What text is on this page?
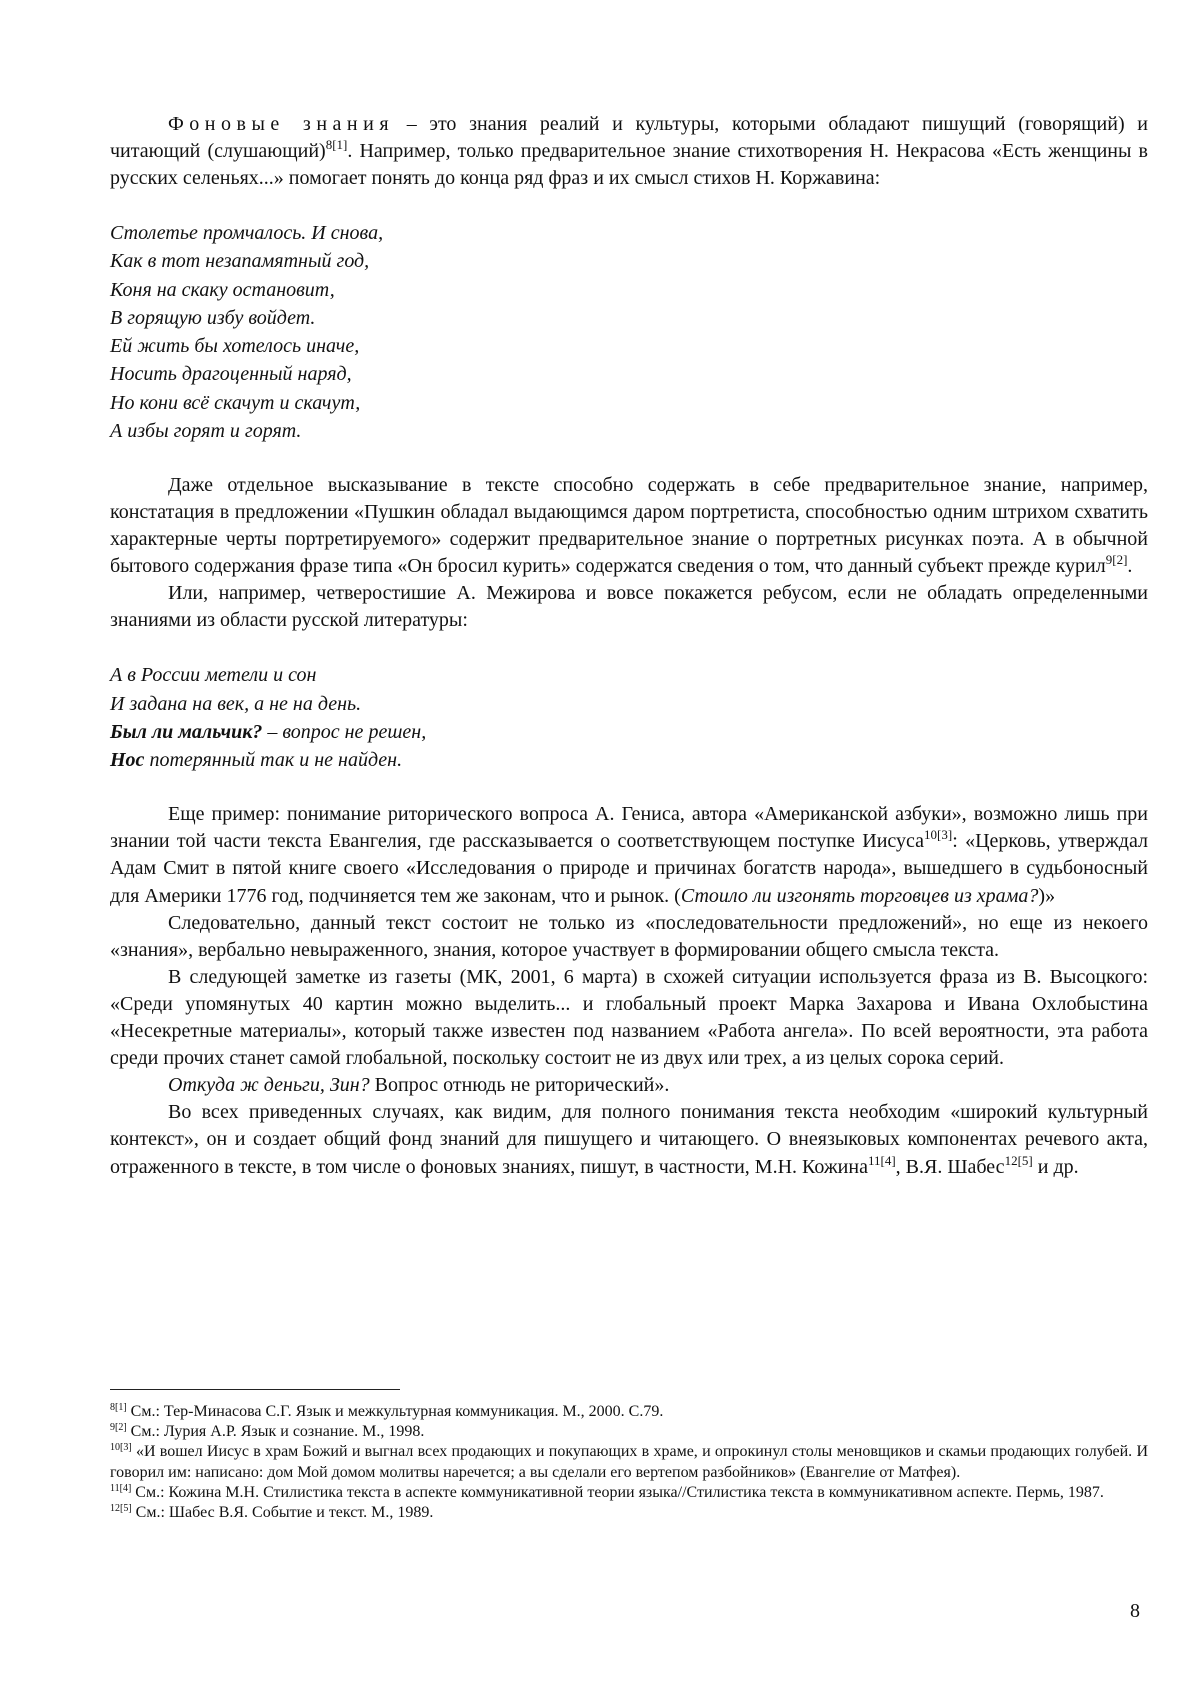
Фоновые знания – это знания реалий и культуры, которыми обладают пишущий (говорящий) и читающий (слушающий)$^{8[1]}$. Например, только предварительное знание стихотворения Н. Некрасова «Есть женщины в русских селеньях...» помогает понять до конца ряд фраз и их смысл стихов Н. Коржавина:

Столетье промчалось. И снова,
Как в тот незапамятный год,
Коня на скаку остановит,
В горящую избу войдет.
Ей жить бы хотелось иначе,
Носить драгоценный наряд,
Но кони всё скачут и скачут,
А избы горят и горят.

Даже отдельное высказывание в тексте способно содержать в себе предварительное знание, например, констатация в предложении «Пушкин обладал выдающимся даром портретиста, способностью одним штрихом схватить характерные черты портретируемого» содержит предварительное знание о портретных рисунках поэта. А в обычной бытового содержания фразе типа «Он бросил курить» содержатся сведения о том, что данный субъект прежде курил$^{9[2]}$.

Или, например, четверостишие А. Межирова и вовсе покажется ребусом, если не обладать определенными знаниями из области русской литературы:

А в России метели и сон
И задана на век, а не на день.
Был ли мальчик? – вопрос не решен,
Нос потерянный так и не найден.

Еще пример: понимание риторического вопроса А. Гениса, автора «Американской азбуки», возможно лишь при знании той части текста Евангелия, где рассказывается о соответствующем поступке Иисуса$^{10[3]}$: «Церковь, утверждал Адам Смит в пятой книге своего «Исследования о природе и причинах богатств народа», вышедшего в судьбоносный для Америки 1776 год, подчиняется тем же законам, что и рынок. (Стоило ли изгонять торговцев из храма?)»

Следовательно, данный текст состоит не только из «последовательности предложений», но еще из некоего «знания», вербально невыраженного, знания, которое участвует в формировании общего смысла текста.

В следующей заметке из газеты (МК, 2001, 6 марта) в схожей ситуации используется фраза из В. Высоцкого: «Среди упомянутых 40 картин можно выделить... и глобальный проект Марка Захарова и Ивана Охлобыстина «Несекретные материалы», который также известен под названием «Работа ангела». По всей вероятности, эта работа среди прочих станет самой глобальной, поскольку состоит не из двух или трех, а из целых сорока серий.

Откуда ж деньги, Зин? Вопрос отнюдь не риторический».

Во всех приведенных случаях, как видим, для полного понимания текста необходим «широкий культурный контекст», он и создает общий фонд знаний для пишущего и читающего. О внеязыковых компонентах речевого акта, отраженного в тексте, в том числе о фоновых знаниях, пишут, в частности, М.Н. Кожина$^{11[4]}$, В.Я. Шабес$^{12[5]}$ и др.

$^{8[1]}$ См.: Тер-Минасова С.Г. Язык и межкультурная коммуникация. М., 2000. С.79.

$^{9[2]}$ См.: Лурия А.Р. Язык и сознание. М., 1998.

$^{10[3]}$ «И вошел Иисус в храм Божий и выгнал всех продающих и покупающих в храме, и опрокинул столы меновщиков и скамьи продающих голубей. И говорил им: написано: дом Мой домом молитвы наречется; а вы сделали его вертепом разбойников» (Евангелие от Матфея).

$^{11[4]}$ См.: Кожина М.Н. Стилистика текста в аспекте коммуникативной теории языка//Стилистика текста в коммуникативном аспекте. Пермь, 1987.

$^{12[5]}$ См.: Шабес В.Я. Событие и текст. М., 1989.

8
